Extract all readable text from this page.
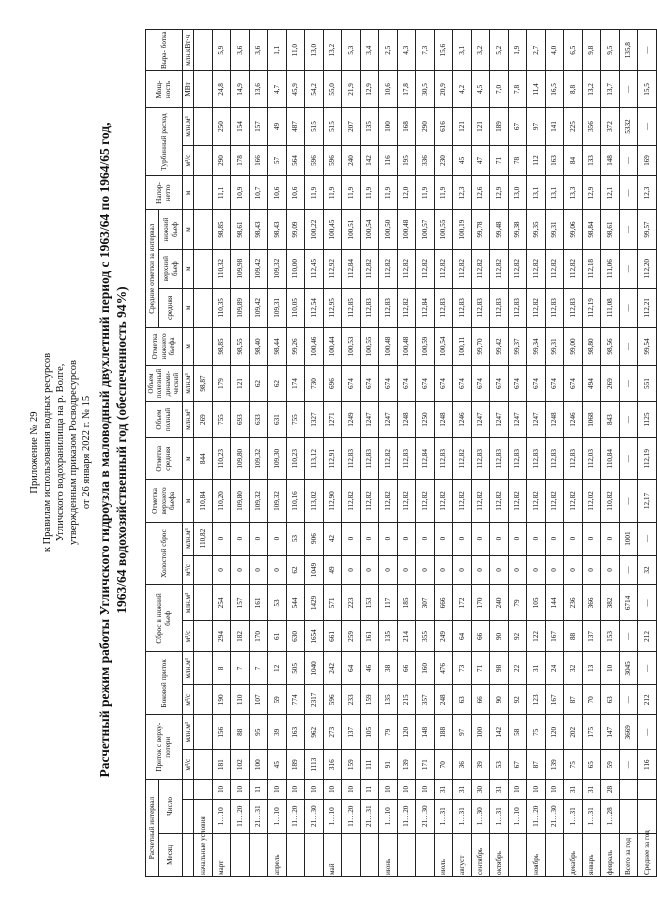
Приложение № 29 к Правилам использования водных ресурсов Угличского водохранилища на р. Волге, утвержденным приказом Росводресурсов от 26 января 2022 г. № 15 Расчетный режим работы Угличского гидроузла в маловодный двухлетний период с 1963/64 по 1964/65 год, 1963/64 водохозяйственный год (обеспеченность 94%)
Расчетный интервал			Приток с верху- потери		Боковой приток		Сброс в нижний бьеф		Холостой сброс		Отметка верхнего бьефа	Отметка средняя	Объем полный	Объем полезный динами- ческий	Отметка нижнего бьефа	Средние отметки за интервал			Напор- нетто	Турбинный расход		Мощ- ность	Выра- ботка
Месяц	Число															средняя	верхний бьеф	нижний бьеф					
			м³/с	млн.м³	м³/с	млн.м³	м³/с	млн.м³	м³/с	млн.м³	м	м	млн.м³	млн.м³	м	м	м	м	м	м³/с	млн.м³	МВт	млн.кВт·ч
начальные условия										110,82	110,84	844	269	98,87									
март	1…10	10	181	156	190	8	294	254	0	0	110,20	110,23	755	179	98,85	110,35	110,32	98,85	11,1	290	250	24,8	5,9
	11…20	10	102	88	110	7	182	157	0	0	109,80	109,80	693	121	98,55	109,89	109,98	98,61	10,9	178	154	14,9	3,6
	21…31	11	100	95	107	7	170	161	0	0	109,32	109,32	633	62	98,40	109,42	109,42	98,43	10,7	166	157	13,6	3,6
апрель	1…10	10	45	39	59	12	61	53	0	0	109,32	109,30	631	62	98,44	109,31	109,32	98,43	10,6	57	49	4,7	1,1
	11…20	10	189	163	774	505	630	544	62	53	110,16	110,23	755	174	99,26	110,05	110,00	99,09	10,6	564	487	45,9	11,0
	21…30	10	1113	962	2317	1040	1654	1429	1049	906	113,02	113,12	1327	730	100,46	112,54	112,45	100,22	11,9	596	515	54,2	13,0
май	1…10	10	316	273	596	242	661	571	49	42	112,90	112,91	1271	696	100,44	112,95	112,92	100,45	11,9	596	515	55,0	13,2
	11…20	10	159	137	233	64	259	223	0	0	112,82	112,83	1249	674	100,53	112,85	112,84	100,51	11,9	240	207	21,9	5,3
	21…31	11	111	105	159	46	161	153	0	0	112,82	112,83	1247	674	100,55	112,83	112,82	100,54	11,9	142	135	12,9	3,4
июнь	1…10	10	91	79	135	38	135	117	0	0	112,82	112,82	1247	674	100,48	112,83	112,82	100,50	11,9	116	100	10,6	2,5
	11…20	10	139	120	215	66	214	185	0	0	112,82	112,83	1248	674	100,48	112,82	112,82	100,48	12,0	195	168	17,8	4,3
	21…30	10	171	148	357	160	355	307	0	0	112,82	112,84	1250	674	100,59	112,84	112,82	100,57	11,9	336	290	30,5	7,3
июль	1…31	31	70	188	248	476	249	666	0	0	112,82	112,83	1248	674	100,54	112,83	112,82	100,55	11,9	230	616	20,9	15,6
август	1…31	31	36	97	63	73	64	172	0	0	112,82	112,82	1246	674	100,11	112,83	112,82	100,19	12,3	45	121	4,2	3,1
сентябрь	1…30	30	39	100	66	71	66	170	0	0	112,82	112,83	1247	674	99,70	112,83	112,82	99,78	12,6	47	121	4,5	3,2
октябрь	1…31	31	53	142	90	98	90	240	0	0	112,82	112,83	1247	674	99,42	112,83	112,82	99,48	12,9	71	189	7,0	5,2
	1…10	10	67	58	92	22	92	79	0	0	112,82	112,83	1247	674	99,37	112,83	112,82	99,38	13,0	78	67	7,8	1,9
ноябрь	11…20	10	87	75	123	31	122	105	0	0	112,82	112,83	1247	674	99,34	112,82	112,82	99,35	13,1	112	97	11,4	2,7
	21…30	10	139	120	167	24	167	144	0	0	112,82	112,83	1248	674	99,31	112,83	112,82	99,31	13,1	163	141	16,5	4,0
декабрь	1…31	31	75	202	87	32	88	236	0	0	112,82	112,83	1246	674	99,00	112,83	112,82	99,06	13,3	84	225	8,8	6,5
январь	1…31	31	65	175	70	13	137	366	0	0	112,02	112,03	1068	494	98,80	112,19	112,18	98,84	12,9	133	356	13,2	9,8
февраль	1…28	28	59	147	63	10	153	382	0	0	110,82	110,84	843	269	98,56	111,08	111,06	98,61	12,1	148	372	13,7	9,5
Всего за год			—	3669	—	3045	—	6714	—	1001	—	—	—	—	—	—	—	—	—	—	5332	—	135,8
Среднее за год			116	—	212	—	212	—	32	—	12,17	112,19	1125	551	99,54	112,21	112,20	99,57	12,3	169	—	15,5	—
